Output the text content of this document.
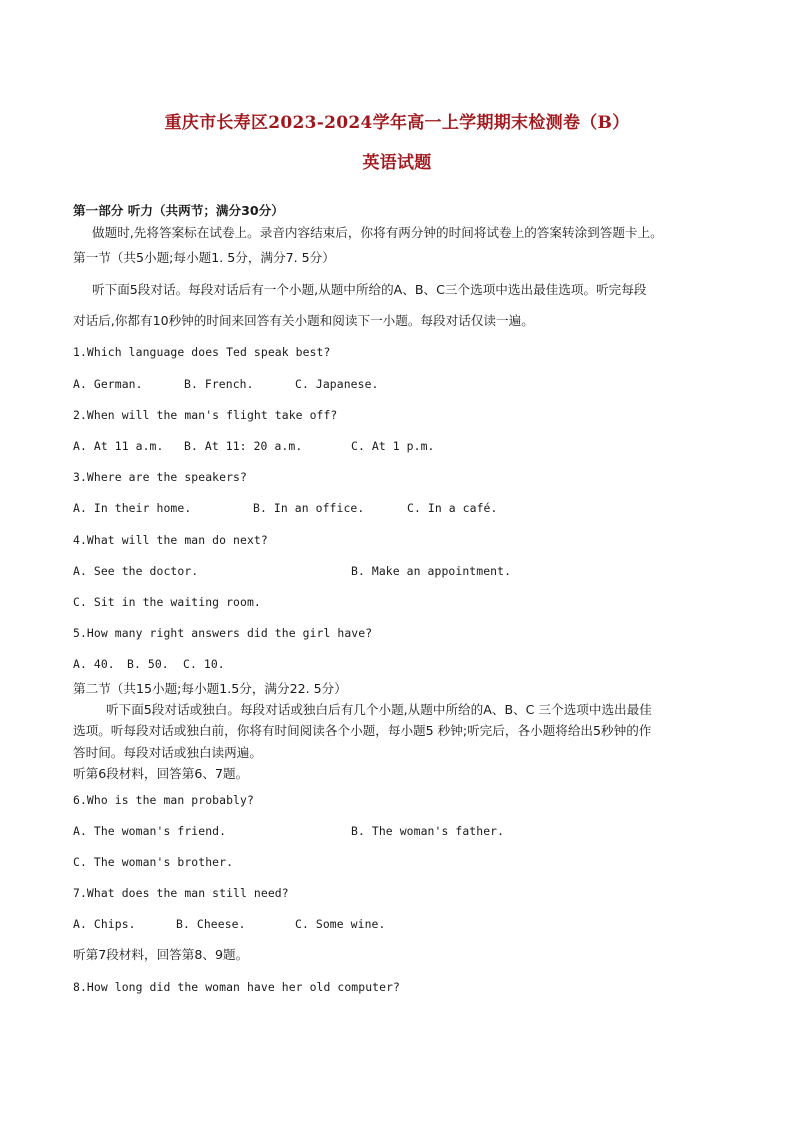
重庆市长寿区2023-2024学年高一上学期期末检测卷（B）
英语试题
第一部分 听力（共两节；满分30分）
做题时,先将答案标在试卷上。录音内容结束后，你将有两分钟的时间将试卷上的答案转涂到答题卡上。
第一节（共5小题;每小题1. 5分，满分7. 5分）
听下面5段对话。每段对话后有一个小题,从题中所给的A、B、C三个选项中选出最佳选项。听完每段
对话后,你都有10秒钟的时间来回答有关小题和阅读下一小题。每段对话仅读一遍。
1.Which language does Ted speak best?
A. German.	B. French.	C. Japanese.
2.When will the man's flight take off?
A. At 11 a.m. B. At 11: 20 a.m.	C. At 1 p.m.
3.Where are the speakers?
A. In their home.	B. In an office.	C. In a café.
4.What will the man do next?
A. See the doctor.	B. Make an appointment.
C. Sit in the waiting room.
5.How many right answers did the girl have?
A. 40. B. 50. C. 10.
第二节（共15小题;每小题1.5分，满分22. 5分）
听下面5段对话或独白。每段对话或独白后有几个小题,从题中所给的A、B、C 三个选项中选出最佳
选项。听每段对话或独白前，你将有时间阅读各个小题，每小题5 秒钟;听完后，各小题将给出5秒钟的作
答时间。每段对话或独白读两遍。
听第6段材料，回答第6、7题。
6.Who is the man probably?
A. The woman's friend.	B. The woman's father.
C. The woman's brother.
7.What does the man still need?
A. Chips.	B. Cheese.	C. Some wine.
听第7段材料，回答第8、9题。
8.How long did the woman have her old computer?
